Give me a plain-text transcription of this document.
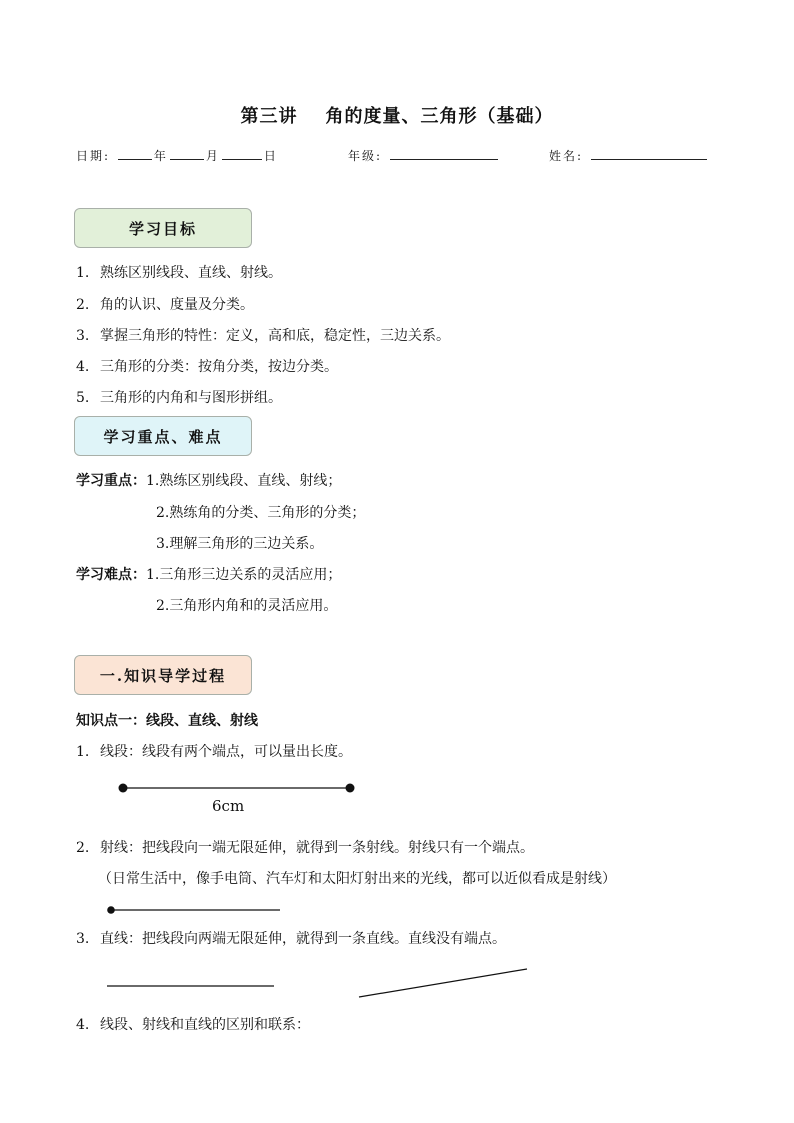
第三讲 角的度量、三角形（基础）
日期:	年	月	日	年级:	姓名:
学习目标
1. 熟练区别线段、直线、射线。
2. 角的认识、度量及分类。
3. 掌握三角形的特性：定义，高和底，稳定性，三边关系。
4. 三角形的分类：按角分类，按边分类。
5. 三角形的内角和与图形拼组。
学习重点、难点
学习重点：1.熟练区别线段、直线、射线；
2.熟练角的分类、三角形的分类；
3.理解三角形的三边关系。
学习难点：1.三角形三边关系的灵活应用；
2.三角形内角和的灵活应用。
一.知识导学过程
知识点一：线段、直线、射线
1. 线段：线段有两个端点，可以量出长度。
6cm
2. 射线：把线段向一端无限延伸，就得到一条射线。射线只有一个端点。
（日常生活中，像手电筒、汽车灯和太阳灯射出来的光线，都可以近似看成是射线）
3. 直线：把线段向两端无限延伸，就得到一条直线。直线没有端点。
4. 线段、射线和直线的区别和联系：
